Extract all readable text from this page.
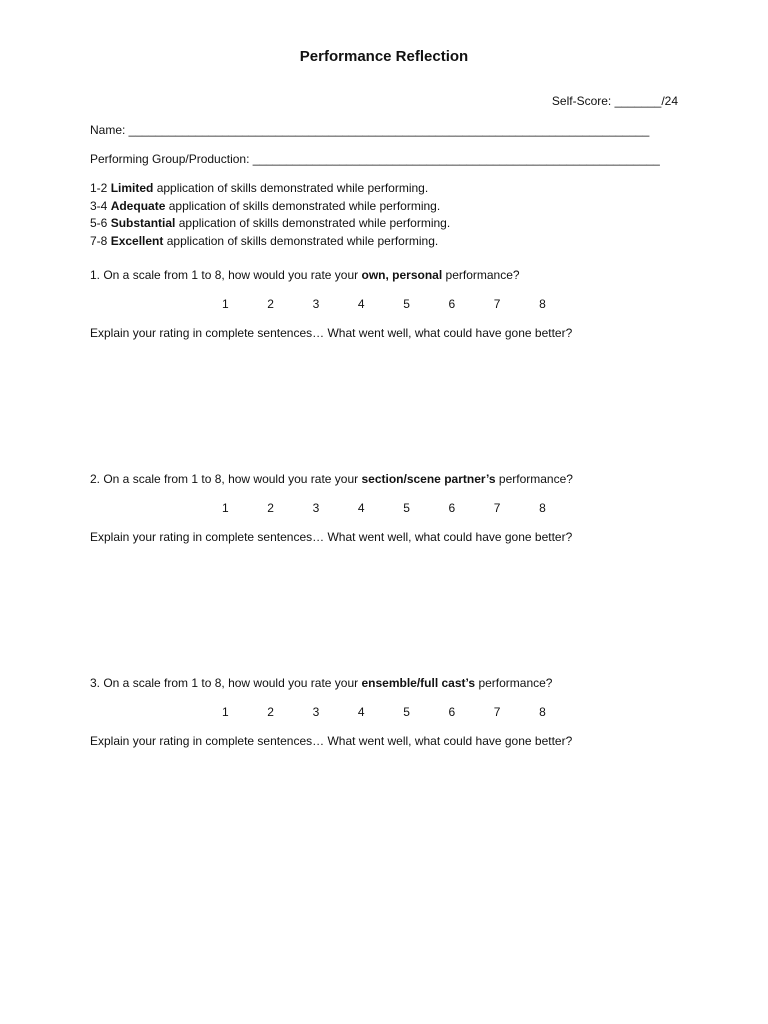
Performance Reflection
Self-Score: _______/24
Name: ______________________________________________________________________________
Performing Group/Production: _____________________________________________________________
1-2 Limited application of skills demonstrated while performing.
3-4 Adequate application of skills demonstrated while performing.
5-6 Substantial application of skills demonstrated while performing.
7-8 Excellent application of skills demonstrated while performing.
1. On a scale from 1 to 8, how would you rate your own, personal performance?
1	2	3	4	5	6	7	8
Explain your rating in complete sentences… What went well, what could have gone better?
2. On a scale from 1 to 8, how would you rate your section/scene partner’s performance?
1	2	3	4	5	6	7	8
Explain your rating in complete sentences… What went well, what could have gone better?
3. On a scale from 1 to 8, how would you rate your ensemble/full cast’s performance?
1	2	3	4	5	6	7	8
Explain your rating in complete sentences… What went well, what could have gone better?
